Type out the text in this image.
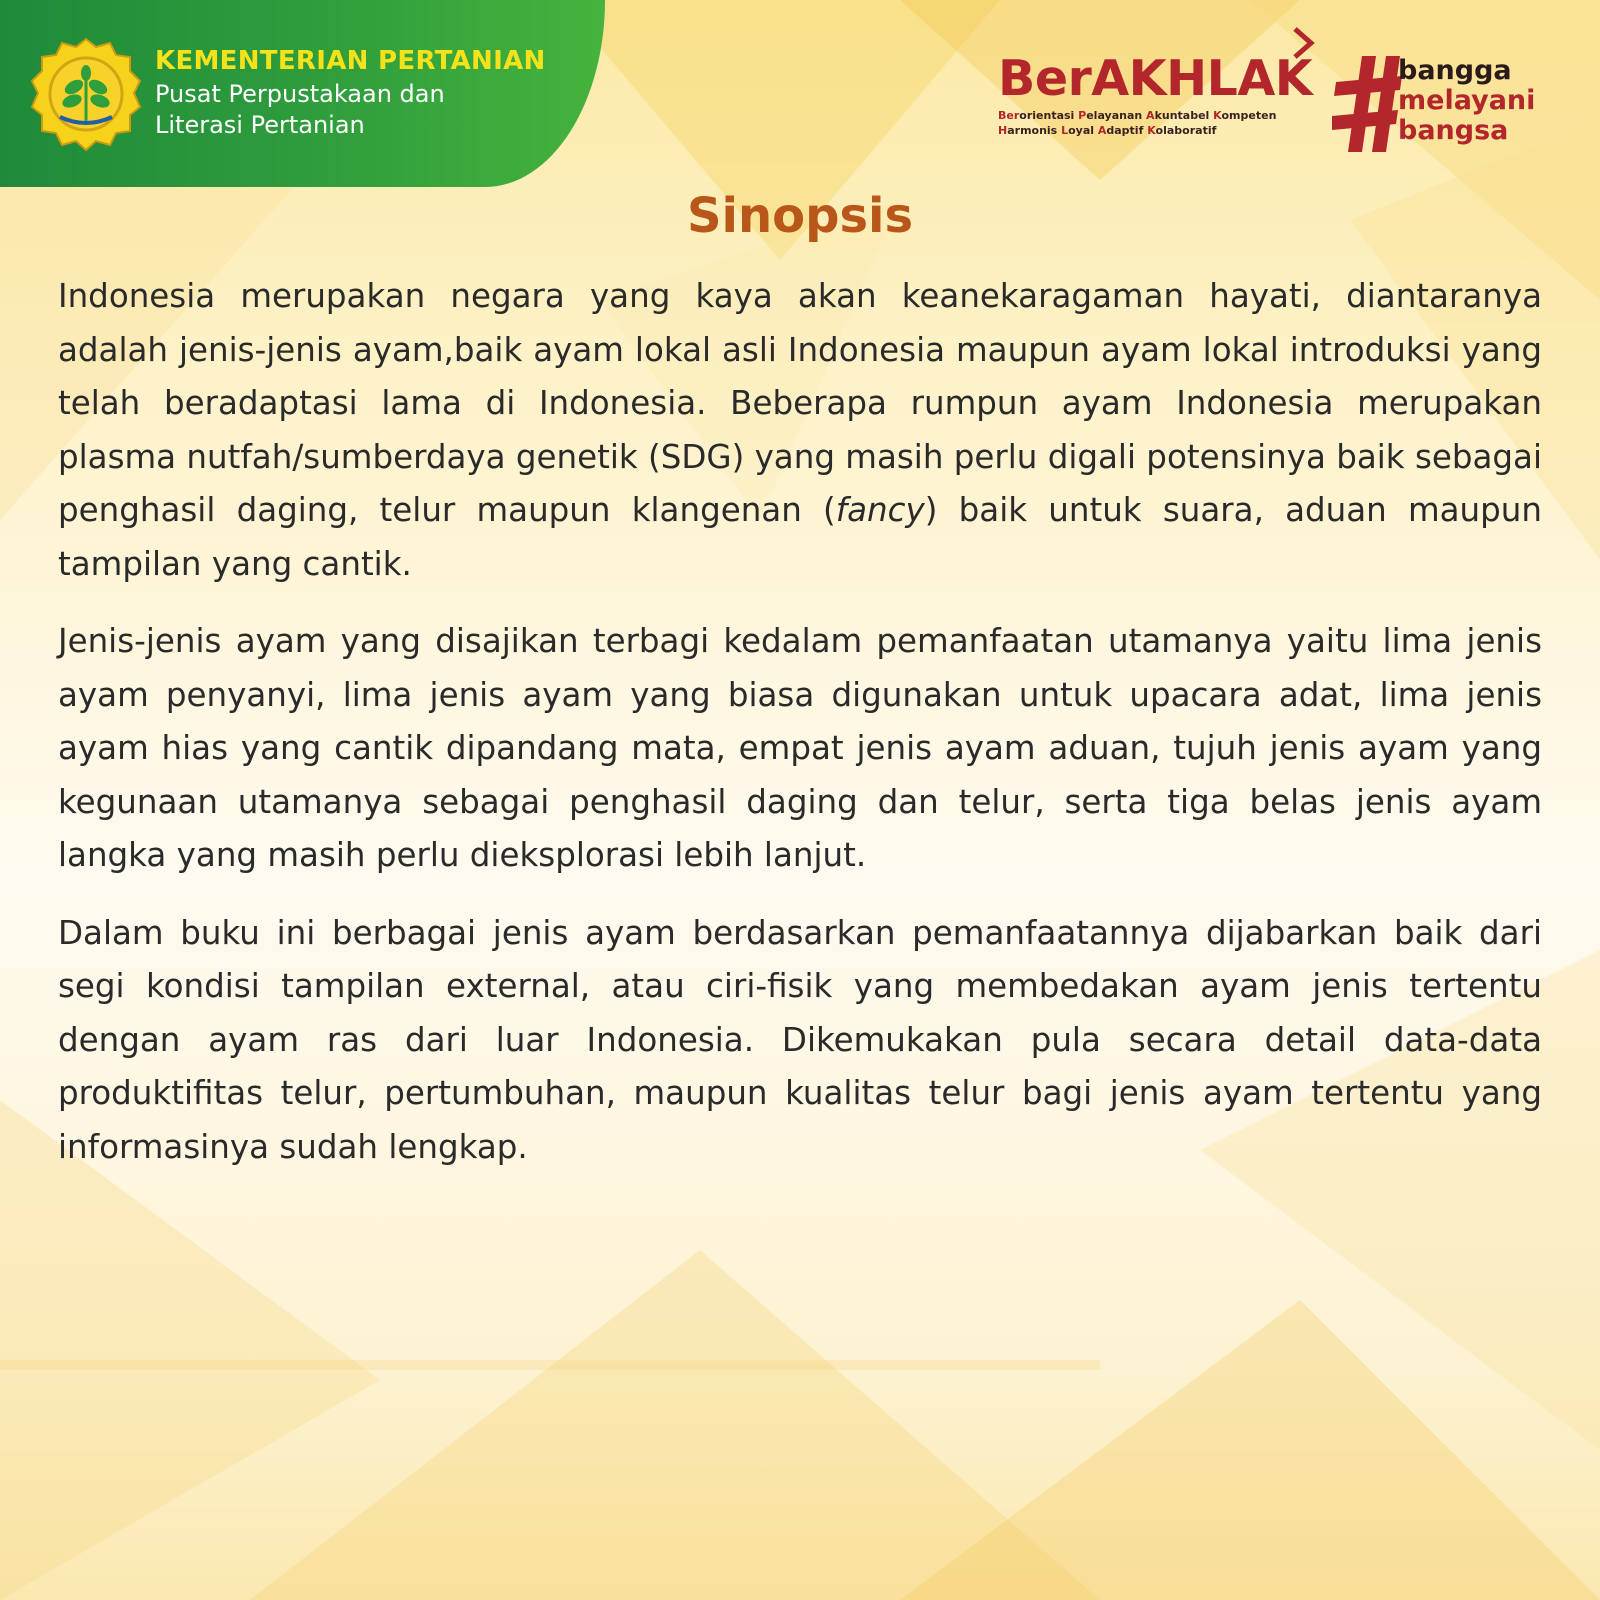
KEMENTERIAN PERTANIAN
Pusat Perpustakaan dan
Literasi Pertanian
BerAKHLAK
Berorientasi Pelayanan Akuntabel Kompeten
Harmonis Loyal Adaptif Kolaboratif
bangga
melayani
bangsa
Sinopsis

Indonesia merupakan negara yang kaya akan keanekaragaman hayati, diantaranya adalah jenis-jenis ayam,baik ayam lokal asli Indonesia maupun ayam lokal introduksi yang telah beradaptasi lama di Indonesia. Beberapa rumpun ayam Indonesia merupakan plasma nutfah/sumberdaya genetik (SDG) yang masih perlu digali potensinya baik sebagai penghasil daging, telur maupun klangenan (fancy) baik untuk suara, aduan maupun tampilan yang cantik.

Jenis-jenis ayam yang disajikan terbagi kedalam pemanfaatan utamanya yaitu lima jenis ayam penyanyi, lima jenis ayam yang biasa digunakan untuk upacara adat, lima jenis ayam hias yang cantik dipandang mata, empat jenis ayam aduan, tujuh jenis ayam yang kegunaan utamanya sebagai penghasil daging dan telur, serta tiga belas jenis ayam langka yang masih perlu dieksplorasi lebih lanjut.

Dalam buku ini berbagai jenis ayam berdasarkan pemanfaatannya dijabarkan baik dari segi kondisi tampilan external, atau ciri-fisik yang membedakan ayam jenis tertentu dengan ayam ras dari luar Indonesia. Dikemukakan pula secara detail data-data produktifitas telur, pertumbuhan, maupun kualitas telur bagi jenis ayam tertentu yang informasinya sudah lengkap.
